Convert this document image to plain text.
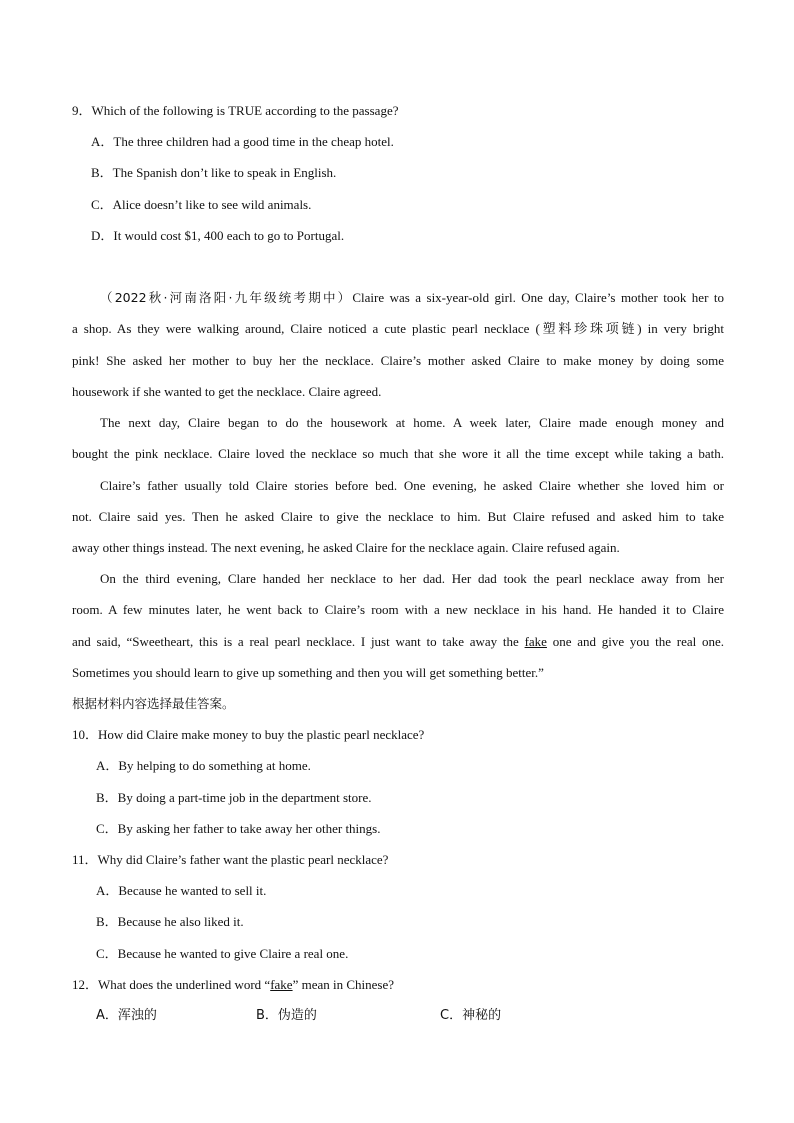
9．Which of the following is TRUE according to the passage?
A．The three children had a good time in the cheap hotel.
B．The Spanish don’t like to speak in English.
C．Alice doesn’t like to see wild animals.
D．It would cost $1, 400 each to go to Portugal.
（2022秋·河南洛阳·九年级统考期中）Claire was a six-year-old girl. One day, Claire’s mother took her to
a shop. As they were walking around, Claire noticed a cute plastic pearl necklace (塑料珍珠项链) in very bright
pink! She asked her mother to buy her the necklace. Claire’s mother asked Claire to make money by doing some
housework if she wanted to get the necklace. Claire agreed.
The next day, Claire began to do the housework at home. A week later, Claire made enough money and
bought the pink necklace. Claire loved the necklace so much that she wore it all the time except while taking a bath.
Claire’s father usually told Claire stories before bed. One evening, he asked Claire whether she loved him or
not. Claire said yes. Then he asked Claire to give the necklace to him. But Claire refused and asked him to take
away other things instead. The next evening, he asked Claire for the necklace again. Claire refused again.
On the third evening, Clare handed her necklace to her dad. Her dad took the pearl necklace away from her
room. A few minutes later, he went back to Claire’s room with a new necklace in his hand. He handed it to Claire
and said, “Sweetheart, this is a real pearl necklace. I just want to take away the fake one and give you the real one.
Sometimes you should learn to give up something and then you will get something better.”
根据材料内容选择最佳答案。
10．How did Claire make money to buy the plastic pearl necklace?
A．By helping to do something at home.
B．By doing a part-time job in the department store.
C．By asking her father to take away her other things.
11．Why did Claire’s father want the plastic pearl necklace?
A．Because he wanted to sell it.
B．Because he also liked it.
C．Because he wanted to give Claire a real one.
12．What does the underlined word “fake” mean in Chinese?
A．浑浊的	B．伪造的	C．神秘的
